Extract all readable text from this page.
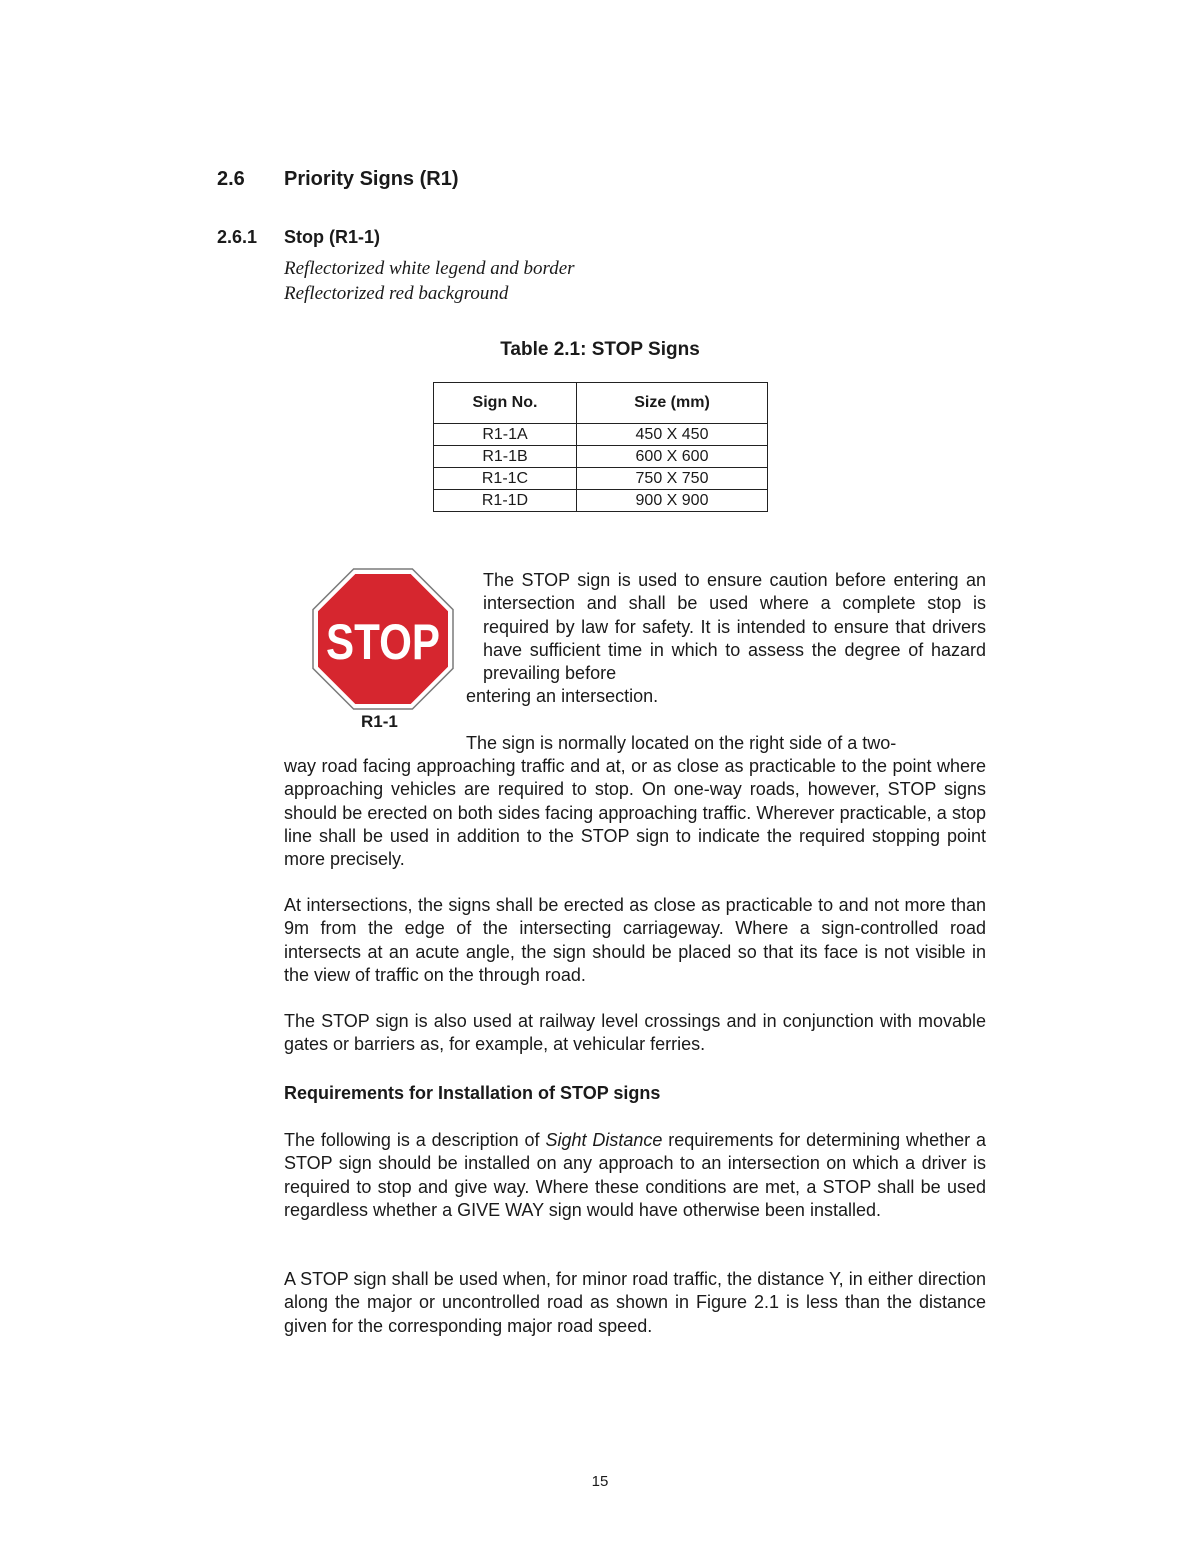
2.6 Priority Signs (R1)
2.6.1 Stop (R1-1)
Reflectorized white legend and border
Reflectorized red background
Table 2.1: STOP Signs
Sign No.	Size (mm)
R1-1A	450 X 450
R1-1B	600 X 600
R1-1C	750 X 750
R1-1D	900 X 900
STOP
R1-1
The STOP sign is used to ensure caution before entering an intersection and shall be used where a complete stop is required by law for safety. It is intended to ensure that drivers have sufficient time in which to assess the degree of hazard prevailing before
entering an intersection.
The sign is normally located on the right side of a two-
way road facing approaching traffic and at, or as close as practicable to the point where approaching vehicles are required to stop. On one-way roads, however, STOP signs should be erected on both sides facing approaching traffic. Wherever practicable, a stop line shall be used in addition to the STOP sign to indicate the required stopping point more precisely.
At intersections, the signs shall be erected as close as practicable to and not more than 9m from the edge of the intersecting carriageway. Where a sign-controlled road intersects at an acute angle, the sign should be placed so that its face is not visible in the view of traffic on the through road.
The STOP sign is also used at railway level crossings and in conjunction with movable gates or barriers as, for example, at vehicular ferries.
Requirements for Installation of STOP signs
The following is a description of Sight Distance requirements for determining whether a STOP sign should be installed on any approach to an intersection on which a driver is required to stop and give way. Where these conditions are met, a STOP shall be used regardless whether a GIVE WAY sign would have otherwise been installed.
A STOP sign shall be used when, for minor road traffic, the distance Y, in either direction along the major or uncontrolled road as shown in Figure 2.1 is less than the distance given for the corresponding major road speed.
15
